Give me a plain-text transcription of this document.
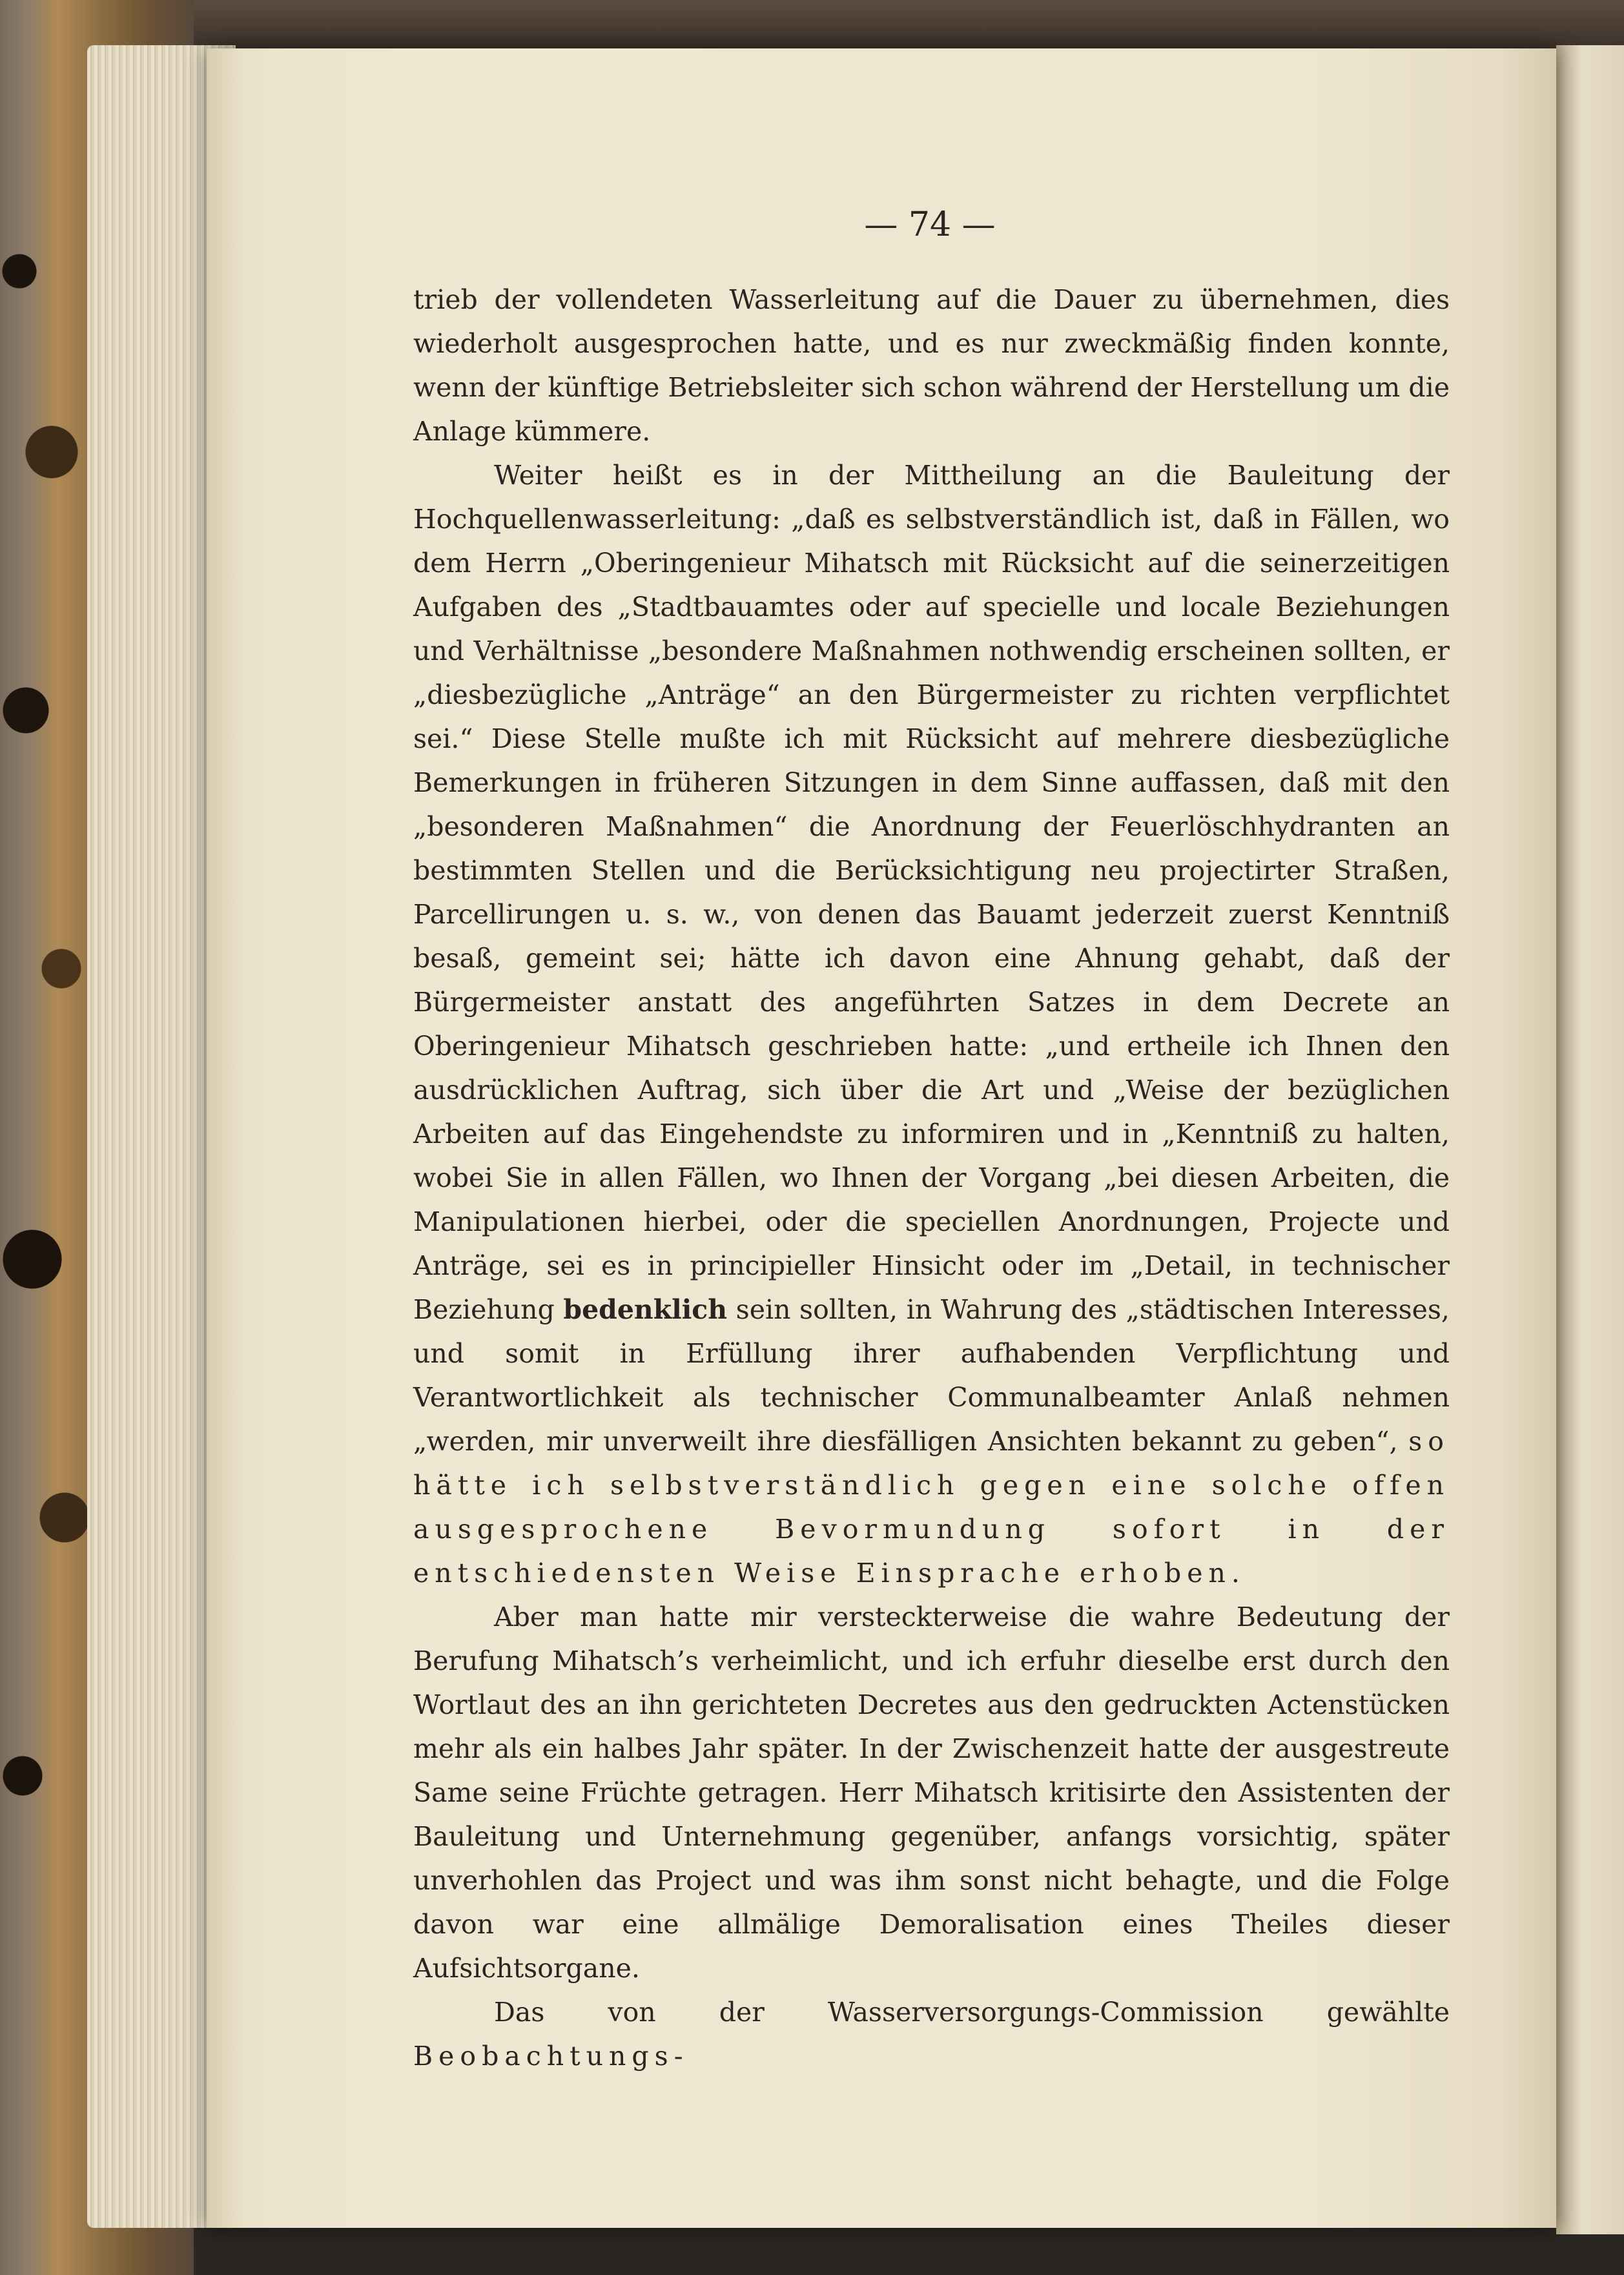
— 74 —

trieb der vollendeten Wasserleitung auf die Dauer zu übernehmen, dies wiederholt ausgesprochen hatte, und es nur zweckmäßig finden konnte, wenn der künftige Betriebsleiter sich schon während der Herstellung um die Anlage kümmere.

Weiter heißt es in der Mittheilung an die Bauleitung der Hochquellenwasserleitung: „daß es selbstverständlich ist, daß in Fällen, wo dem Herrn „Oberingenieur Mihatsch mit Rücksicht auf die seinerzeitigen Aufgaben des „Stadtbauamtes oder auf specielle und locale Beziehungen und Verhältnisse „besondere Maßnahmen nothwendig erscheinen sollten, er „diesbezügliche „Anträge“ an den Bürgermeister zu richten verpflichtet sei.“ Diese Stelle mußte ich mit Rücksicht auf mehrere diesbezügliche Bemerkungen in früheren Sitzungen in dem Sinne auffassen, daß mit den „besonderen Maßnahmen“ die Anordnung der Feuerlöschhydranten an bestimmten Stellen und die Berücksichtigung neu projectirter Straßen, Parcellirungen u. s. w., von denen das Bauamt jederzeit zuerst Kenntniß besaß, gemeint sei; hätte ich davon eine Ahnung gehabt, daß der Bürgermeister anstatt des angeführten Satzes in dem Decrete an Oberingenieur Mihatsch geschrieben hatte: „und ertheile ich Ihnen den ausdrücklichen Auftrag, sich über die Art und „Weise der bezüglichen Arbeiten auf das Eingehendste zu informiren und in „Kenntniß zu halten, wobei Sie in allen Fällen, wo Ihnen der Vorgang „bei diesen Arbeiten, die Manipulationen hierbei, oder die speciellen Anordnungen, Projecte und Anträge, sei es in principieller Hinsicht oder im „Detail, in technischer Beziehung bedenklich sein sollten, in Wahrung des „städtischen Interesses, und somit in Erfüllung ihrer aufhabenden Verpflichtung und Verantwortlichkeit als technischer Communalbeamter Anlaß nehmen „werden, mir unverweilt ihre diesfälligen Ansichten bekannt zu geben“, so hätte ich selbstverständlich gegen eine solche offen ausgesprochene Bevormundung sofort in der entschiedensten Weise Einsprache erhoben.

Aber man hatte mir versteckterweise die wahre Bedeutung der Berufung Mihatsch’s verheimlicht, und ich erfuhr dieselbe erst durch den Wortlaut des an ihn gerichteten Decretes aus den gedruckten Actenstücken mehr als ein halbes Jahr später. In der Zwischenzeit hatte der ausgestreute Same seine Früchte getragen. Herr Mihatsch kritisirte den Assistenten der Bauleitung und Unternehmung gegenüber, anfangs vorsichtig, später unverhohlen das Project und was ihm sonst nicht behagte, und die Folge davon war eine allmälige Demoralisation eines Theiles dieser Aufsichtsorgane.

Das von der Wasserversorgungs-Commission gewählte Beobachtungs-
